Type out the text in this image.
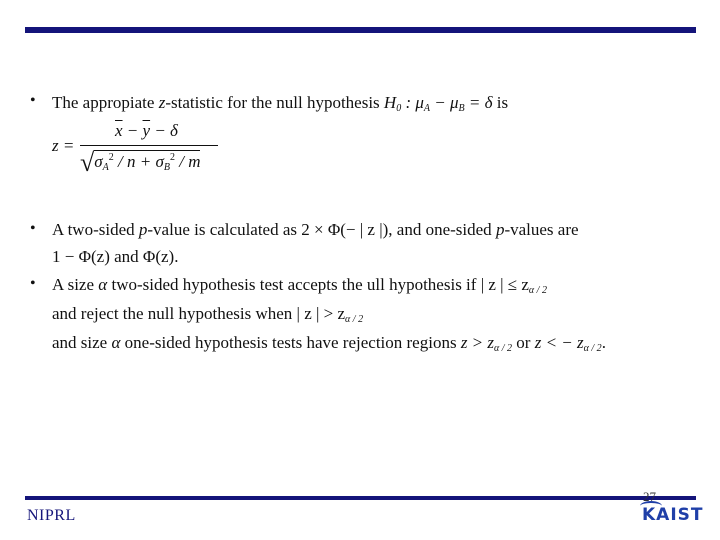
• The appropiate z-statistic for the null hypothesis $H_0$ : $\mu_A - \mu_B = \delta$ is
z =
$\overline{x} - \overline{y} - \delta$
$√\sigma_A^2 / n + \sigma_B^2 / m$
• A two-sided p-value is calculated as 2 × Φ(− | z |), and one-sided p-values are
1 − Φ(z) and Φ(z).
• A size α two-sided hypothesis test accepts the ull hypothesis if | z | ≤ $z_{\alpha / 2}$
and reject the null hypothesis when | z | > $z_{\alpha / 2}$
and size α one-sided hypothesis tests have rejection regions $z > z_{\alpha / 2}$ or z < − $z_{\alpha / 2}$.
NIPRL
27
KAIST
